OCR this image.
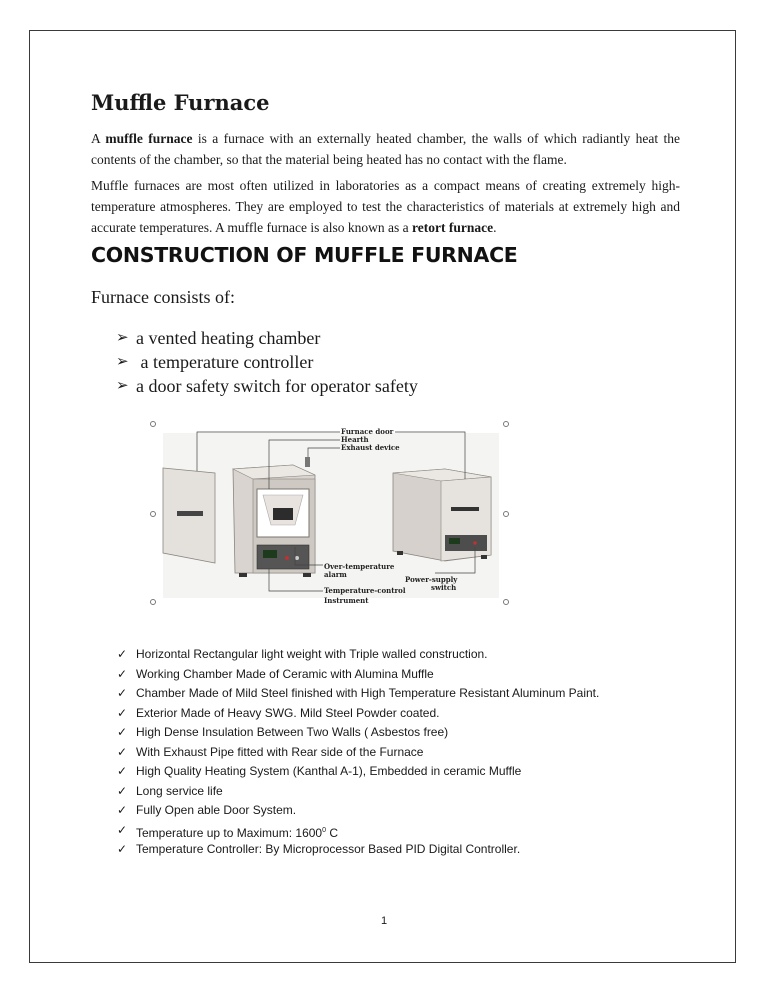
Muffle Furnace

A muffle furnace is a furnace with an externally heated chamber, the walls of which radiantly heat the contents of the chamber, so that the material being heated has no contact with the flame.

Muffle furnaces are most often utilized in laboratories as a compact means of creating extremely high-temperature atmospheres. They are employed to test the characteristics of materials at extremely high and accurate temperatures. A muffle furnace is also known as a retort furnace.

CONSTRUCTION OF MUFFLE FURNACE

Furnace consists of:

➢ a vented heating chamber
➢ a temperature controller
➢ a door safety switch for operator safety
Furnace door
Hearth
Exhaust device
Over-temperature
alarm
Temperature-control
Instrument
Power-supply
switch
✓ Horizontal Rectangular light weight with Triple walled construction.
✓ Working Chamber Made of Ceramic with Alumina Muffle
✓ Chamber Made of Mild Steel finished with High Temperature Resistant Aluminum Paint.
✓ Exterior Made of Heavy SWG. Mild Steel Powder coated.
✓ High Dense Insulation Between Two Walls ( Asbestos free)
✓ With Exhaust Pipe fitted with Rear side of the Furnace
✓ High Quality Heating System (Kanthal A-1), Embedded in ceramic Muffle
✓ Long service life
✓ Fully Open able Door System.
✓ Temperature up to Maximum: 1600$^0$ C
✓ Temperature Controller: By Microprocessor Based PID Digital Controller.
1
